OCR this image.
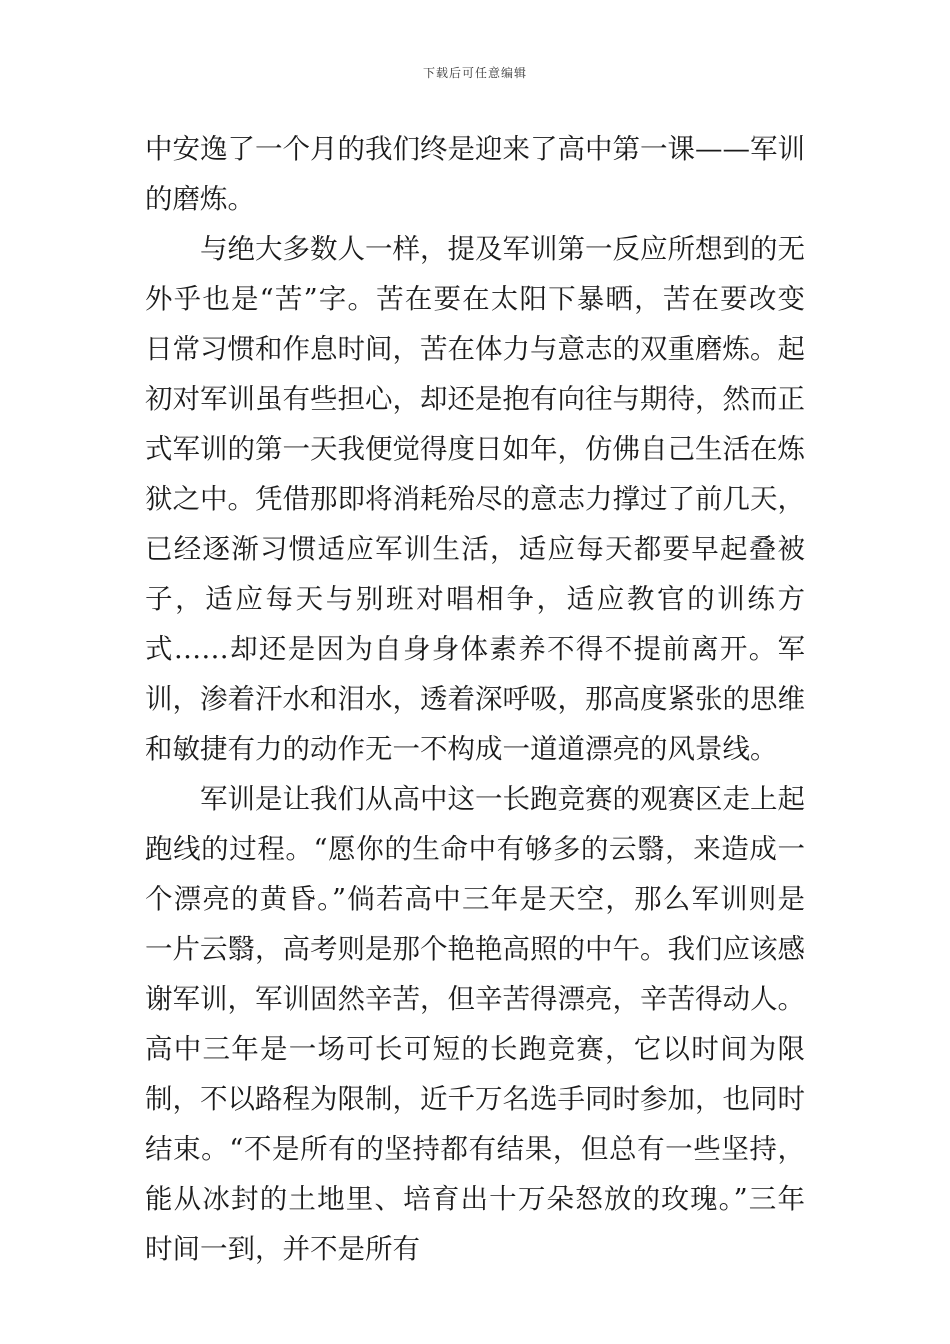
下载后可任意编辑

中安逸了一个月的我们终是迎来了高中第一课——军训的磨炼。

与绝大多数人一样，提及军训第一反应所想到的无外乎也是“苦”字。苦在要在太阳下暴晒，苦在要改变日常习惯和作息时间，苦在体力与意志的双重磨炼。起初对军训虽有些担心，却还是抱有向往与期待，然而正式军训的第一天我便觉得度日如年，仿佛自己生活在炼狱之中。凭借那即将消耗殆尽的意志力撑过了前几天，已经逐渐习惯适应军训生活，适应每天都要早起叠被子，适应每天与别班对唱相争，适应教官的训练方式……却还是因为自身身体素养不得不提前离开。军训，渗着汗水和泪水，透着深呼吸，那高度紧张的思维和敏捷有力的动作无一不构成一道道漂亮的风景线。

军训是让我们从高中这一长跑竞赛的观赛区走上起跑线的过程。“愿你的生命中有够多的云翳，来造成一个漂亮的黄昏。”倘若高中三年是天空，那么军训则是一片云翳，高考则是那个艳艳高照的中午。我们应该感谢军训，军训固然辛苦，但辛苦得漂亮，辛苦得动人。高中三年是一场可长可短的长跑竞赛，它以时间为限制，不以路程为限制，近千万名选手同时参加，也同时结束。“不是所有的坚持都有结果，但总有一些坚持，能从冰封的土地里、培育出十万朵怒放的玫瑰。”三年时间一到，并不是所有
